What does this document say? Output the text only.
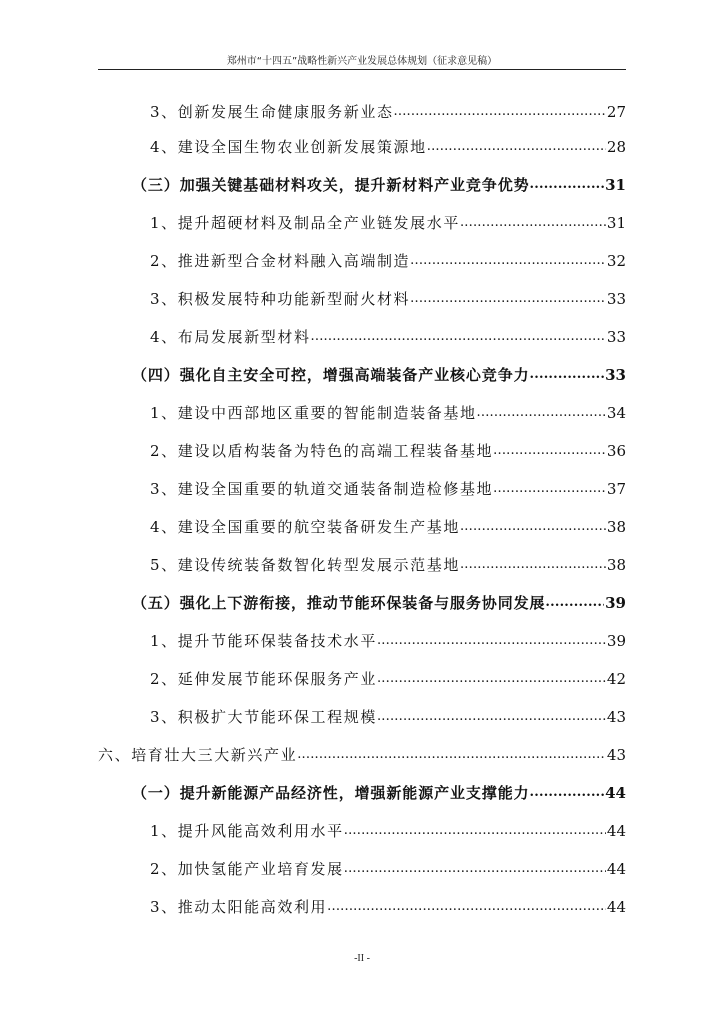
郑州市“十四五”战略性新兴产业发展总体规划（征求意见稿）
3、创新发展生命健康服务新业态 .....	27
4、建设全国生物农业创新发展策源地 .....	28
（三）加强关键基础材料攻关，提升新材料产业竞争优势 .....	31
1、提升超硬材料及制品全产业链发展水平 .....	31
2、推进新型合金材料融入高端制造 .....	32
3、积极发展特种功能新型耐火材料 .....	33
4、布局发展新型材料 .....	33
（四）强化自主安全可控，增强高端装备产业核心竞争力 .....	33
1、建设中西部地区重要的智能制造装备基地 .....	34
2、建设以盾构装备为特色的高端工程装备基地 .....	36
3、建设全国重要的轨道交通装备制造检修基地 .....	37
4、建设全国重要的航空装备研发生产基地 .....	38
5、建设传统装备数智化转型发展示范基地 .....	38
（五）强化上下游衔接，推动节能环保装备与服务协同发展 .....	39
1、提升节能环保装备技术水平 .....	39
2、延伸发展节能环保服务产业 .....	42
3、积极扩大节能环保工程规模 .....	43
六、培育壮大三大新兴产业 .....	43
（一）提升新能源产品经济性，增强新能源产业支撑能力 .....	44
1、提升风能高效利用水平 .....	44
2、加快氢能产业培育发展 .....	44
3、推动太阳能高效利用 .....	44
-II -
